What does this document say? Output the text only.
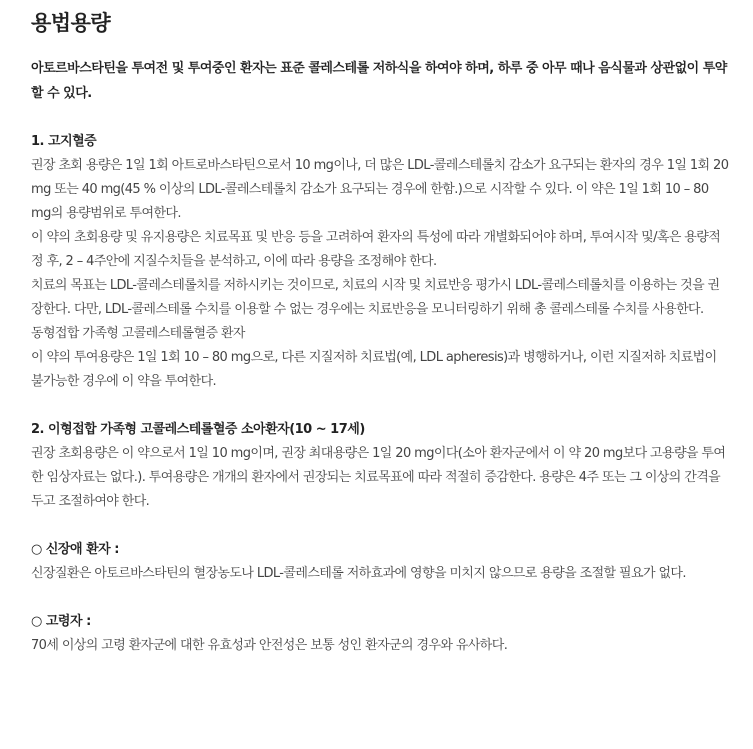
용법용량
아토르바스타틴을 투여전 및 투여중인 환자는 표준 콜레스테롤 저하식을 하여야 하며, 하루 중 아무 때나 음식물과 상관없이 투약할 수 있다.

1. 고지혈증

권장 초회 용량은 1일 1회 아트로바스타틴으로서 10 mg이나, 더 많은 LDL-콜레스테롤치 감소가 요구되는 환자의 경우 1일 1회 20 mg 또는 40 mg(45 % 이상의 LDL-콜레스테롤치 감소가 요구되는 경우에 한함.)으로 시작할 수 있다. 이 약은 1일 1회 10 – 80 mg의 용량범위로 투여한다.

이 약의 초회용량 및 유지용량은 치료목표 및 반응 등을 고려하여 환자의 특성에 따라 개별화되어야 하며, 투여시작 및/혹은 용량적정 후, 2 – 4주안에 지질수치들을 분석하고, 이에 따라 용량을 조정해야 한다.

치료의 목표는 LDL-콜레스테롤치를 저하시키는 것이므로, 치료의 시작 및 치료반응 평가시 LDL-콜레스테롤치를 이용하는 것을 권장한다. 다만, LDL-콜레스테롤 수치를 이용할 수 없는 경우에는 치료반응을 모니터링하기 위해 총 콜레스테롤 수치를 사용한다.

동형접합 가족형 고콜레스테롤혈증 환자

이 약의 투여용량은 1일 1회 10 – 80 mg으로, 다른 지질저하 치료법(예, LDL apheresis)과 병행하거나, 이런 지질저하 치료법이 불가능한 경우에 이 약을 투여한다.

2. 이형접합 가족형 고콜레스테롤혈증 소아환자(10 ~ 17세)

권장 초회용량은 이 약으로서 1일 10 mg이며, 권장 최대용량은 1일 20 mg이다(소아 환자군에서 이 약 20 mg보다 고용량을 투여한 임상자료는 없다.). 투여용량은 개개의 환자에서 권장되는 치료목표에 따라 적절히 증감한다. 용량은 4주 또는 그 이상의 간격을 두고 조절하여야 한다.

○ 신장애 환자 :

신장질환은 아토르바스타틴의 혈장농도나 LDL-콜레스테롤 저하효과에 영향을 미치지 않으므로 용량을 조절할 필요가 없다.

○ 고령자 :

70세 이상의 고령 환자군에 대한 유효성과 안전성은 보통 성인 환자군의 경우와 유사하다.
